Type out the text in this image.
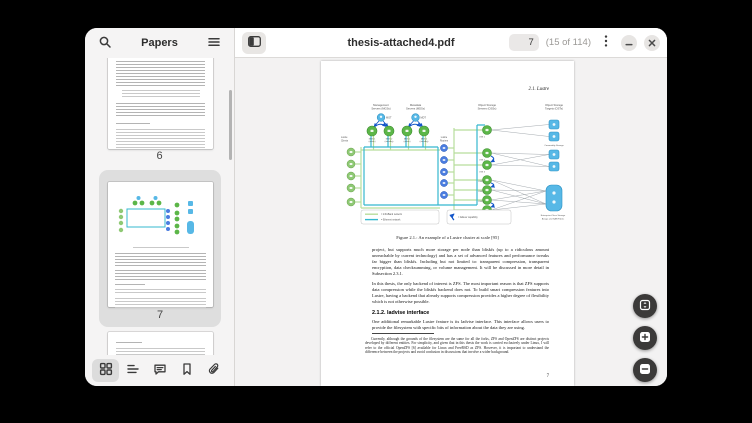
Papers
6
7
thesis-attached4.pdf
7	(15 of 114)
2.1. Lustre
Management
Servers (MGSs)
Metadata
Servers (MDSs)
Object Storage
Servers (OSSs)
Object Storage
Targets (OSTs)
MGT	MDT
MGS 1
(active)
MGS 2
(standby)
MDS 1
(active)
MDS 2
(standby)
Lustre
Clients
Lustre
Routers
OSS 1
OSS 2
OSS 3
OSS 4
OSS 5
OSS 6
Commodity Storage
Enterprise-Class Storage
Arrays and SAN Fabric
= InfiniBand network
= Ethernet network
= failover capability
Figure 2.1.: An example of a Lustre cluster at scale [95]
project, but supports much more storage per node than ldiskfs (up to a ridiculous amount unreachable by current technology) and has a set of advanced features and performance tweaks far bigger than ldiskfs. Including but not limited to: transparent compression, transparent encryption, data checksumming, or volume management. It will be discussed in more detail in Subsection 2.3.1.
In this thesis, the only backend of interest is ZFS. The most important reason is that ZFS supports data compression while the ldiskfs backend does not. To build smart compression features into Lustre, having a backend that already supports compression provides a higher degree of flexibility which is not otherwise possible.
2.1.2. ladvise interface
One additional remarkable Lustre feature is its ladvise interface. This interface allows users to provide the filesystem with specific bits of information about the data they are using.
Currently, although the grounds of the filesystem are the same for all the forks, ZFS and OpenZFS are distinct projects developed by different entities. For simplicity, and given that in this thesis the work is carried exclusively under Linux, I will refer to the official OpenZFS [6] available for Linux and FreeBSD as ZFS. However, it is important to understand the difference between the projects and avoid confusion in discussions that involve a wider background.
7
